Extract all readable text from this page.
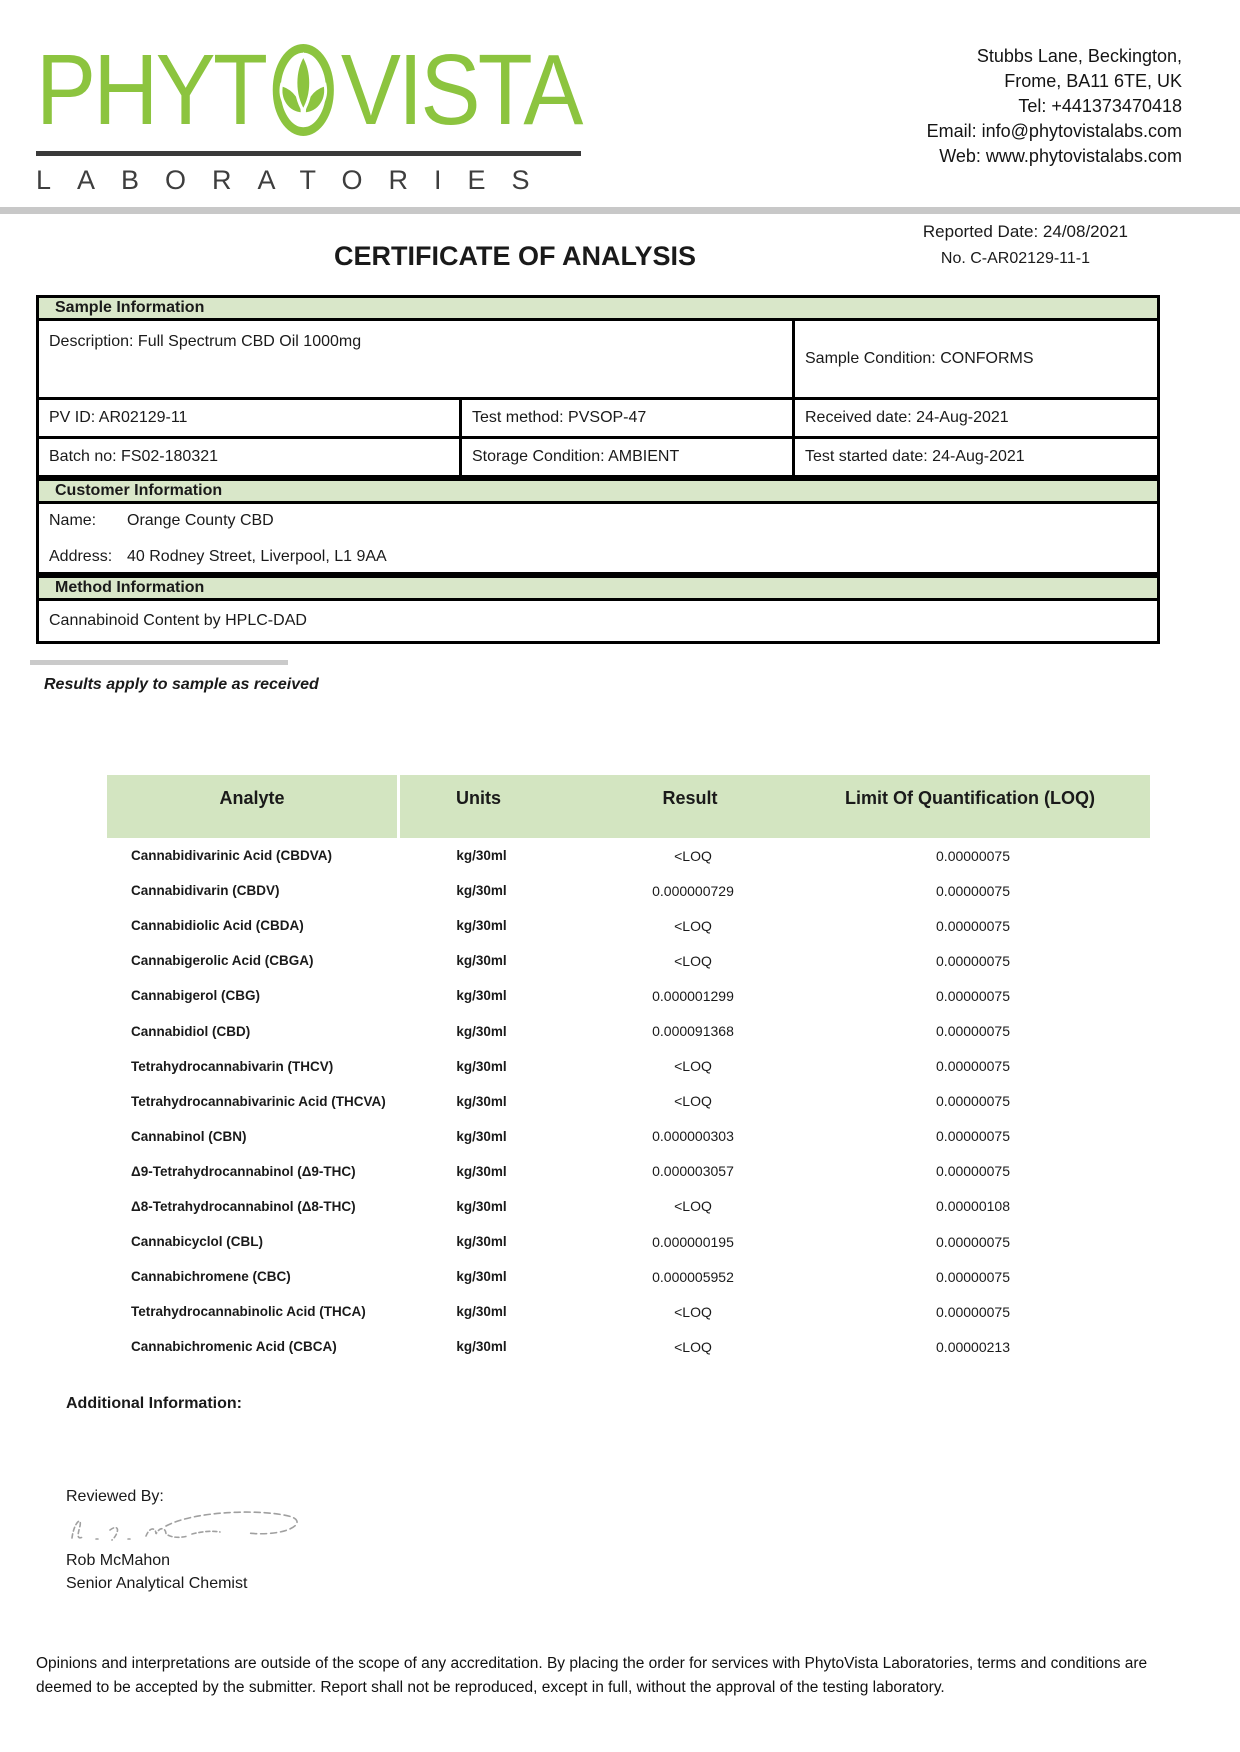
PHYT VISTA
LABORATORIES
Stubbs Lane, Beckington,
Frome, BA11 6TE, UK
Tel: +441373470418
Email: info@phytovistalabs.com
Web: www.phytovistalabs.com
Reported Date: 24/08/2021
No. C-AR02129-11-1
CERTIFICATE OF ANALYSIS
Sample Information
Description: Full Spectrum CBD Oil 1000mg
Sample Condition: CONFORMS
PV ID: AR02129-11	Test method: PVSOP-47	Received date: 24-Aug-2021
Batch no: FS02-180321	Storage Condition: AMBIENT	Test started date: 24-Aug-2021
Customer Information
Name:	Orange County CBD
Address: 40 Rodney Street, Liverpool, L1 9AA
Method Information
Cannabinoid Content by HPLC-DAD
Results apply to sample as received
Analyte	Units	Result	Limit Of Quantification (LOQ)
Cannabidivarinic Acid (CBDVA)	kg/30ml	<LOQ	0.00000075
Cannabidivarin (CBDV)	kg/30ml	0.000000729	0.00000075
Cannabidiolic Acid (CBDA)	kg/30ml	<LOQ	0.00000075
Cannabigerolic Acid (CBGA)	kg/30ml	<LOQ	0.00000075
Cannabigerol (CBG)	kg/30ml	0.000001299	0.00000075
Cannabidiol (CBD)	kg/30ml	0.000091368	0.00000075
Tetrahydrocannabivarin (THCV)	kg/30ml	<LOQ	0.00000075
Tetrahydrocannabivarinic Acid (THCVA)	kg/30ml	<LOQ	0.00000075
Cannabinol (CBN)	kg/30ml	0.000000303	0.00000075
Δ9-Tetrahydrocannabinol (Δ9-THC)	kg/30ml	0.000003057	0.00000075
Δ8-Tetrahydrocannabinol (Δ8-THC)	kg/30ml	<LOQ	0.00000108
Cannabicyclol (CBL)	kg/30ml	0.000000195	0.00000075
Cannabichromene (CBC)	kg/30ml	0.000005952	0.00000075
Tetrahydrocannabinolic Acid (THCA)	kg/30ml	<LOQ	0.00000075
Cannabichromenic Acid (CBCA)	kg/30ml	<LOQ	0.00000213
Additional Information:
Reviewed By:
Rob McMahon
Senior Analytical Chemist
Opinions and interpretations are outside of the scope of any accreditation. By placing the order for services with PhytoVista Laboratories, terms and conditions are deemed to be accepted by the submitter. Report shall not be reproduced, except in full, without the approval of the testing laboratory.
